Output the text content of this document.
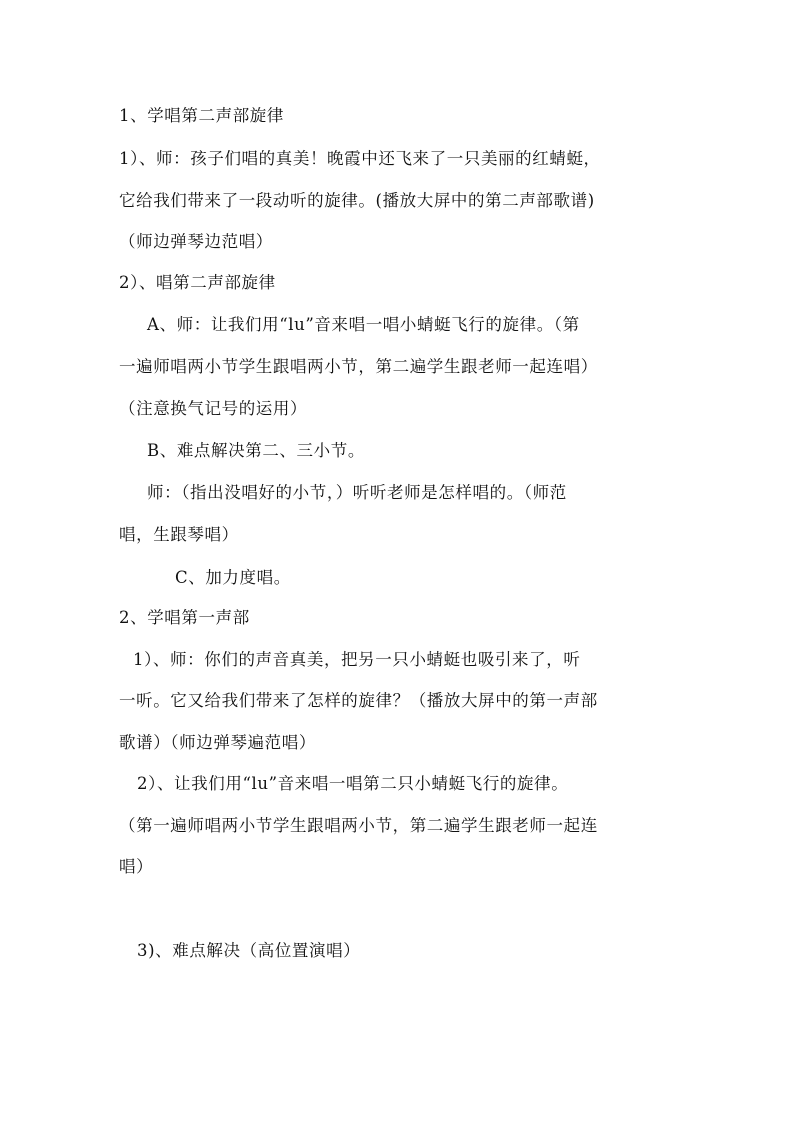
1、学唱第二声部旋律
1）、师：孩子们唱的真美！晚霞中还飞来了一只美丽的红蜻蜓，
它给我们带来了一段动听的旋律。(播放大屏中的第二声部歌谱)
（师边弹琴边范唱）
2）、唱第二声部旋律
A、师：让我们用“lu”音来唱一唱小蜻蜓飞行的旋律。（第
一遍师唱两小节学生跟唱两小节，第二遍学生跟老师一起连唱）
（注意换气记号的运用）
B、难点解决第二、三小节。
师：（指出没唱好的小节，）听听老师是怎样唱的。（师范
唱，生跟琴唱）
C、加力度唱。
2、学唱第一声部
1）、师：你们的声音真美，把另一只小蜻蜓也吸引来了，听
一听。它又给我们带来了怎样的旋律？（播放大屏中的第一声部
歌谱）（师边弹琴遍范唱）
2）、让我们用“lu”音来唱一唱第二只小蜻蜓飞行的旋律。
（第一遍师唱两小节学生跟唱两小节，第二遍学生跟老师一起连
唱）
3)、难点解决（高位置演唱）
